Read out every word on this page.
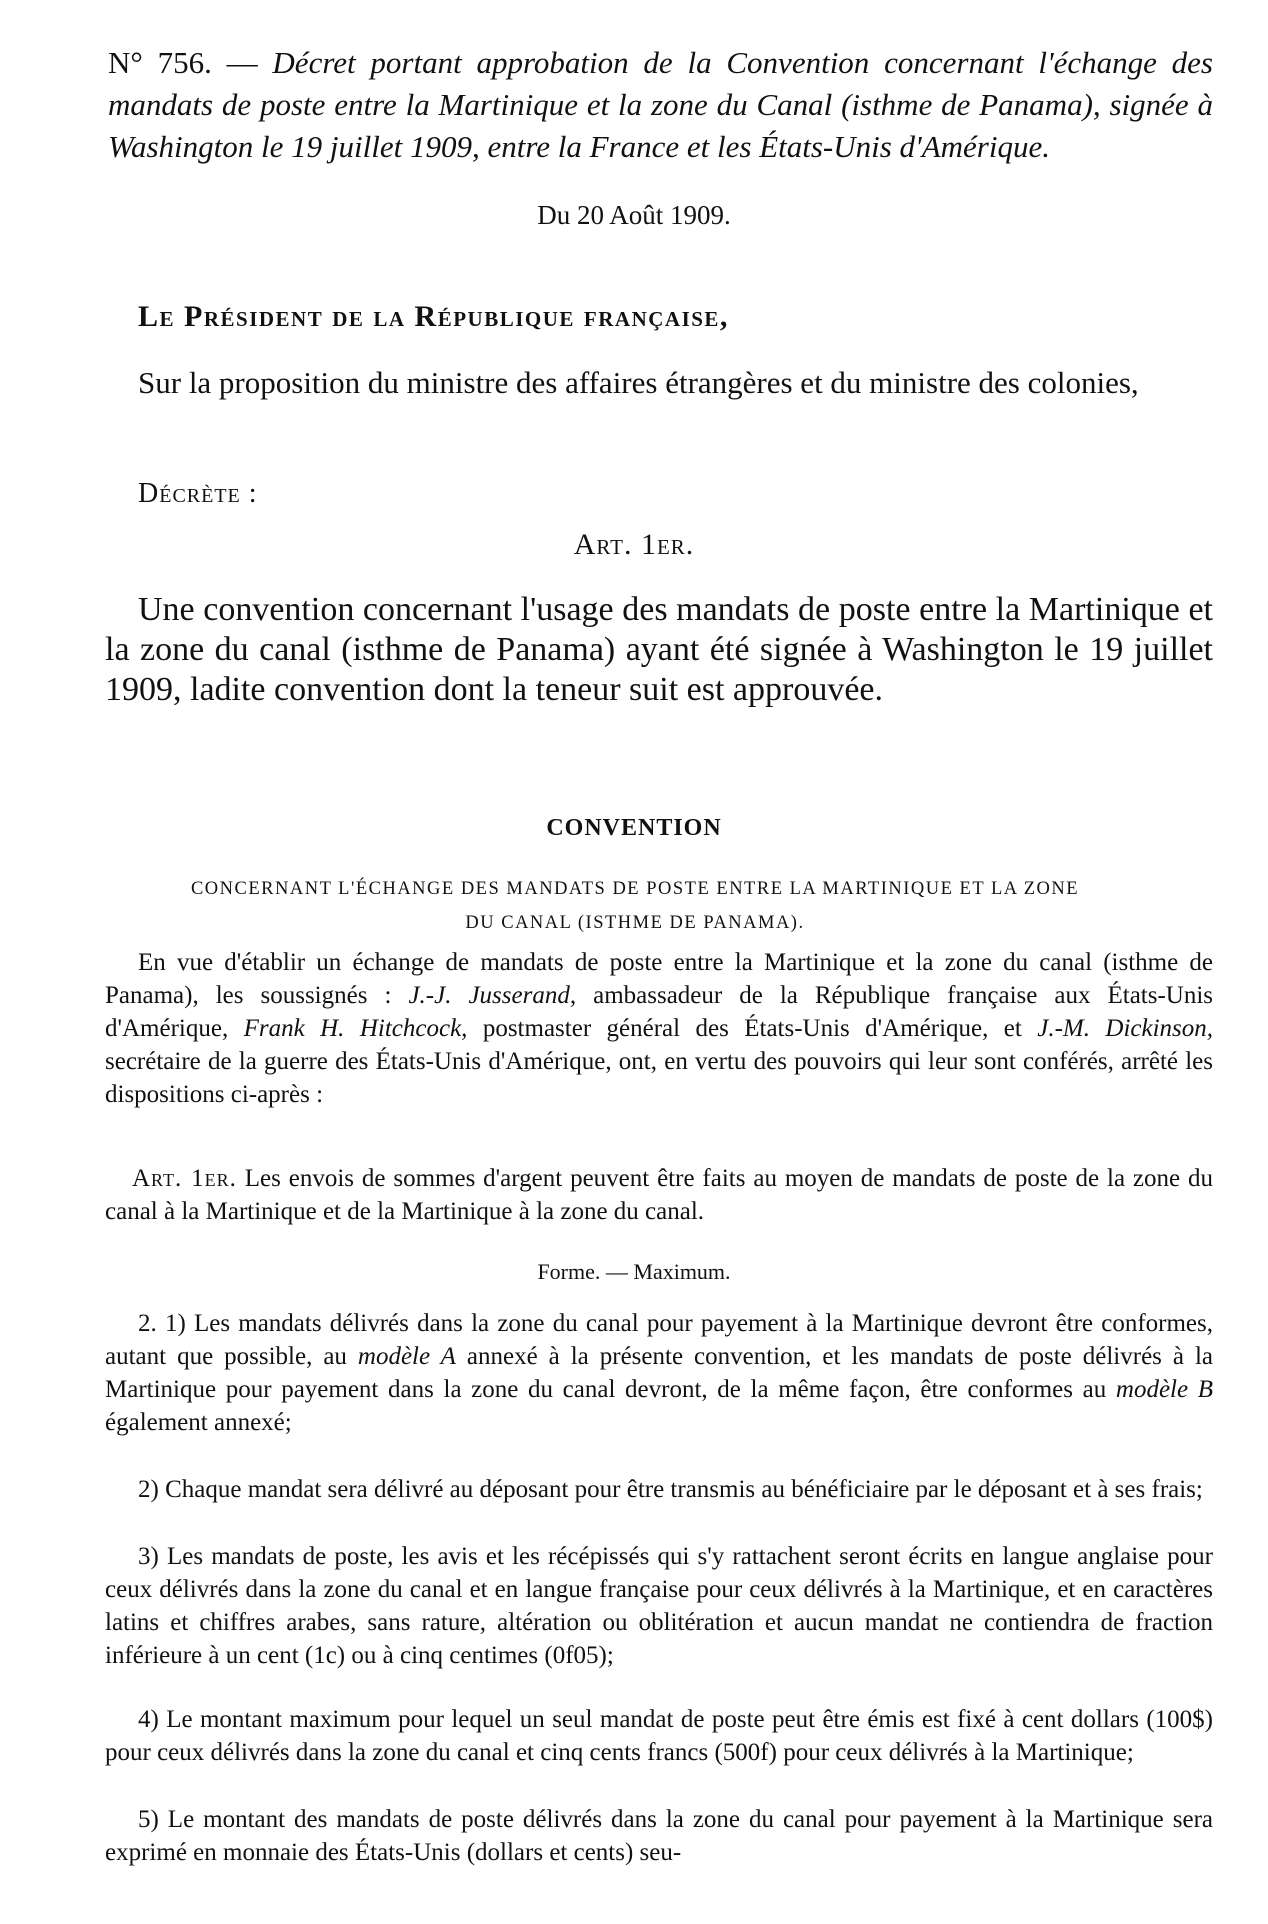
N° 756. — Décret portant approbation de la Convention concernant l'échange des mandats de poste entre la Martinique et la zone du Canal (isthme de Panama), signée à Washington le 19 juillet 1909, entre la France et les États-Unis d'Amérique.
Du 20 Août 1909.
Le Président de la République française,
Sur la proposition du ministre des affaires étrangères et du ministre des colonies,
Décrète :
Art. 1er.
Une convention concernant l'usage des mandats de poste entre la Martinique et la zone du canal (isthme de Panama) ayant été signée à Washington le 19 juillet 1909, ladite convention dont la teneur suit est approuvée.
CONVENTION
CONCERNANT L'ÉCHANGE DES MANDATS DE POSTE ENTRE LA MARTINIQUE ET LA ZONE DU CANAL (ISTHME DE PANAMA).
En vue d'établir un échange de mandats de poste entre la Martinique et la zone du canal (isthme de Panama), les soussignés : J.-J. Jusserand, ambassadeur de la République française aux États-Unis d'Amérique, Frank H. Hitchcock, postmaster général des États-Unis d'Amérique, et J.-M. Dickinson, secrétaire de la guerre des États-Unis d'Amérique, ont, en vertu des pouvoirs qui leur sont conférés, arrêté les dispositions ci-après :
Art. 1er. Les envois de sommes d'argent peuvent être faits au moyen de mandats de poste de la zone du canal à la Martinique et de la Martinique à la zone du canal.
Forme. — Maximum.
2. 1) Les mandats délivrés dans la zone du canal pour payement à la Martinique devront être conformes, autant que possible, au modèle A annexé à la présente convention, et les mandats de poste délivrés à la Martinique pour payement dans la zone du canal devront, de la même façon, être conformes au modèle B également annexé;
2) Chaque mandat sera délivré au déposant pour être transmis au bénéficiaire par le déposant et à ses frais;
3) Les mandats de poste, les avis et les récépissés qui s'y rattachent seront écrits en langue anglaise pour ceux délivrés dans la zone du canal et en langue française pour ceux délivrés à la Martinique, et en caractères latins et chiffres arabes, sans rature, altération ou oblitération et aucun mandat ne contiendra de fraction inférieure à un cent (1c) ou à cinq centimes (0f05);
4) Le montant maximum pour lequel un seul mandat de poste peut être émis est fixé à cent dollars (100$) pour ceux délivrés dans la zone du canal et cinq cents francs (500f) pour ceux délivrés à la Martinique;
5) Le montant des mandats de poste délivrés dans la zone du canal pour payement à la Martinique sera exprimé en monnaie des États-Unis (dollars et cents) seu-
